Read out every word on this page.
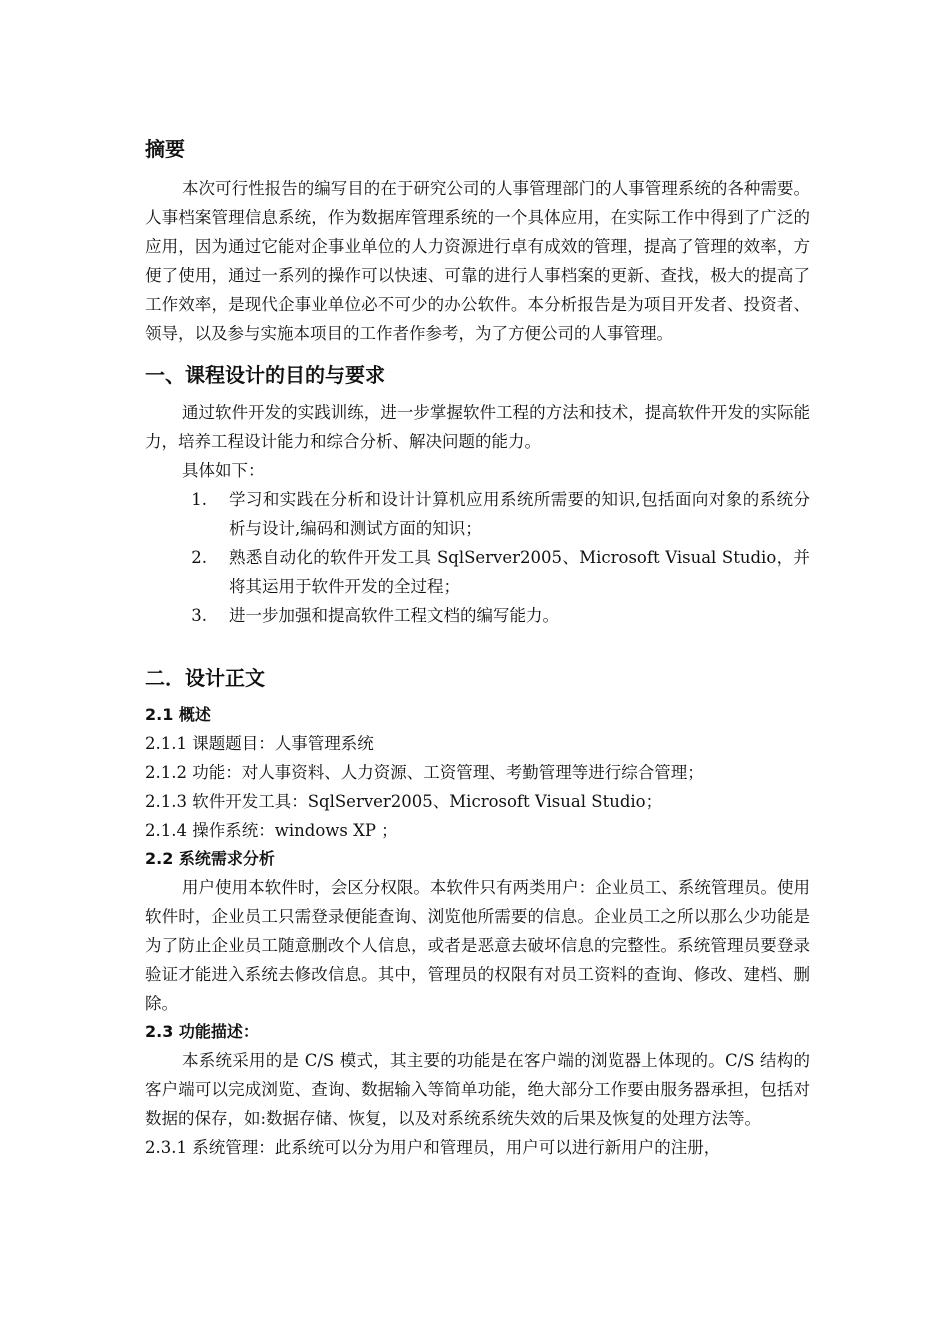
摘要

本次可行性报告的编写目的在于研究公司的人事管理部门的人事管理系统的各种需要。人事档案管理信息系统，作为数据库管理系统的一个具体应用，在实际工作中得到了广泛的应用，因为通过它能对企事业单位的人力资源进行卓有成效的管理，提高了管理的效率，方便了使用，通过一系列的操作可以快速、可靠的进行人事档案的更新、查找，极大的提高了工作效率，是现代企事业单位必不可少的办公软件。本分析报告是为项目开发者、投资者、领导，以及参与实施本项目的工作者作参考，为了方便公司的人事管理。

一、课程设计的目的与要求

通过软件开发的实践训练，进一步掌握软件工程的方法和技术，提高软件开发的实际能力，培养工程设计能力和综合分析、解决问题的能力。

具体如下：

1.	学习和实践在分析和设计计算机应用系统所需要的知识,包括面向对象的系统分析与设计,编码和测试方面的知识；
2.	熟悉自动化的软件开发工具 SqlServer2005、Microsoft Visual Studio，并将其运用于软件开发的全过程；
3.	进一步加强和提高软件工程文档的编写能力。

二．设计正文

2.1 概述

2.1.1 课题题目：人事管理系统

2.1.2 功能：对人事资料、人力资源、工资管理、考勤管理等进行综合管理；

2.1.3 软件开发工具：SqlServer2005、Microsoft Visual Studio；

2.1.4 操作系统：windows XP ；

2.2 系统需求分析

用户使用本软件时，会区分权限。本软件只有两类用户：企业员工、系统管理员。使用软件时，企业员工只需登录便能查询、浏览他所需要的信息。企业员工之所以那么少功能是为了防止企业员工随意删改个人信息，或者是恶意去破坏信息的完整性。系统管理员要登录验证才能进入系统去修改信息。其中，管理员的权限有对员工资料的查询、修改、建档、删除。

2.3 功能描述：

本系统采用的是 C/S 模式，其主要的功能是在客户端的浏览器上体现的。C/S 结构的客户端可以完成浏览、查询、数据输入等简单功能，绝大部分工作要由服务器承担，包括对数据的保存，如:数据存储、恢复，以及对系统系统失效的后果及恢复的处理方法等。

2.3.1 系统管理：此系统可以分为用户和管理员，用户可以进行新用户的注册，
